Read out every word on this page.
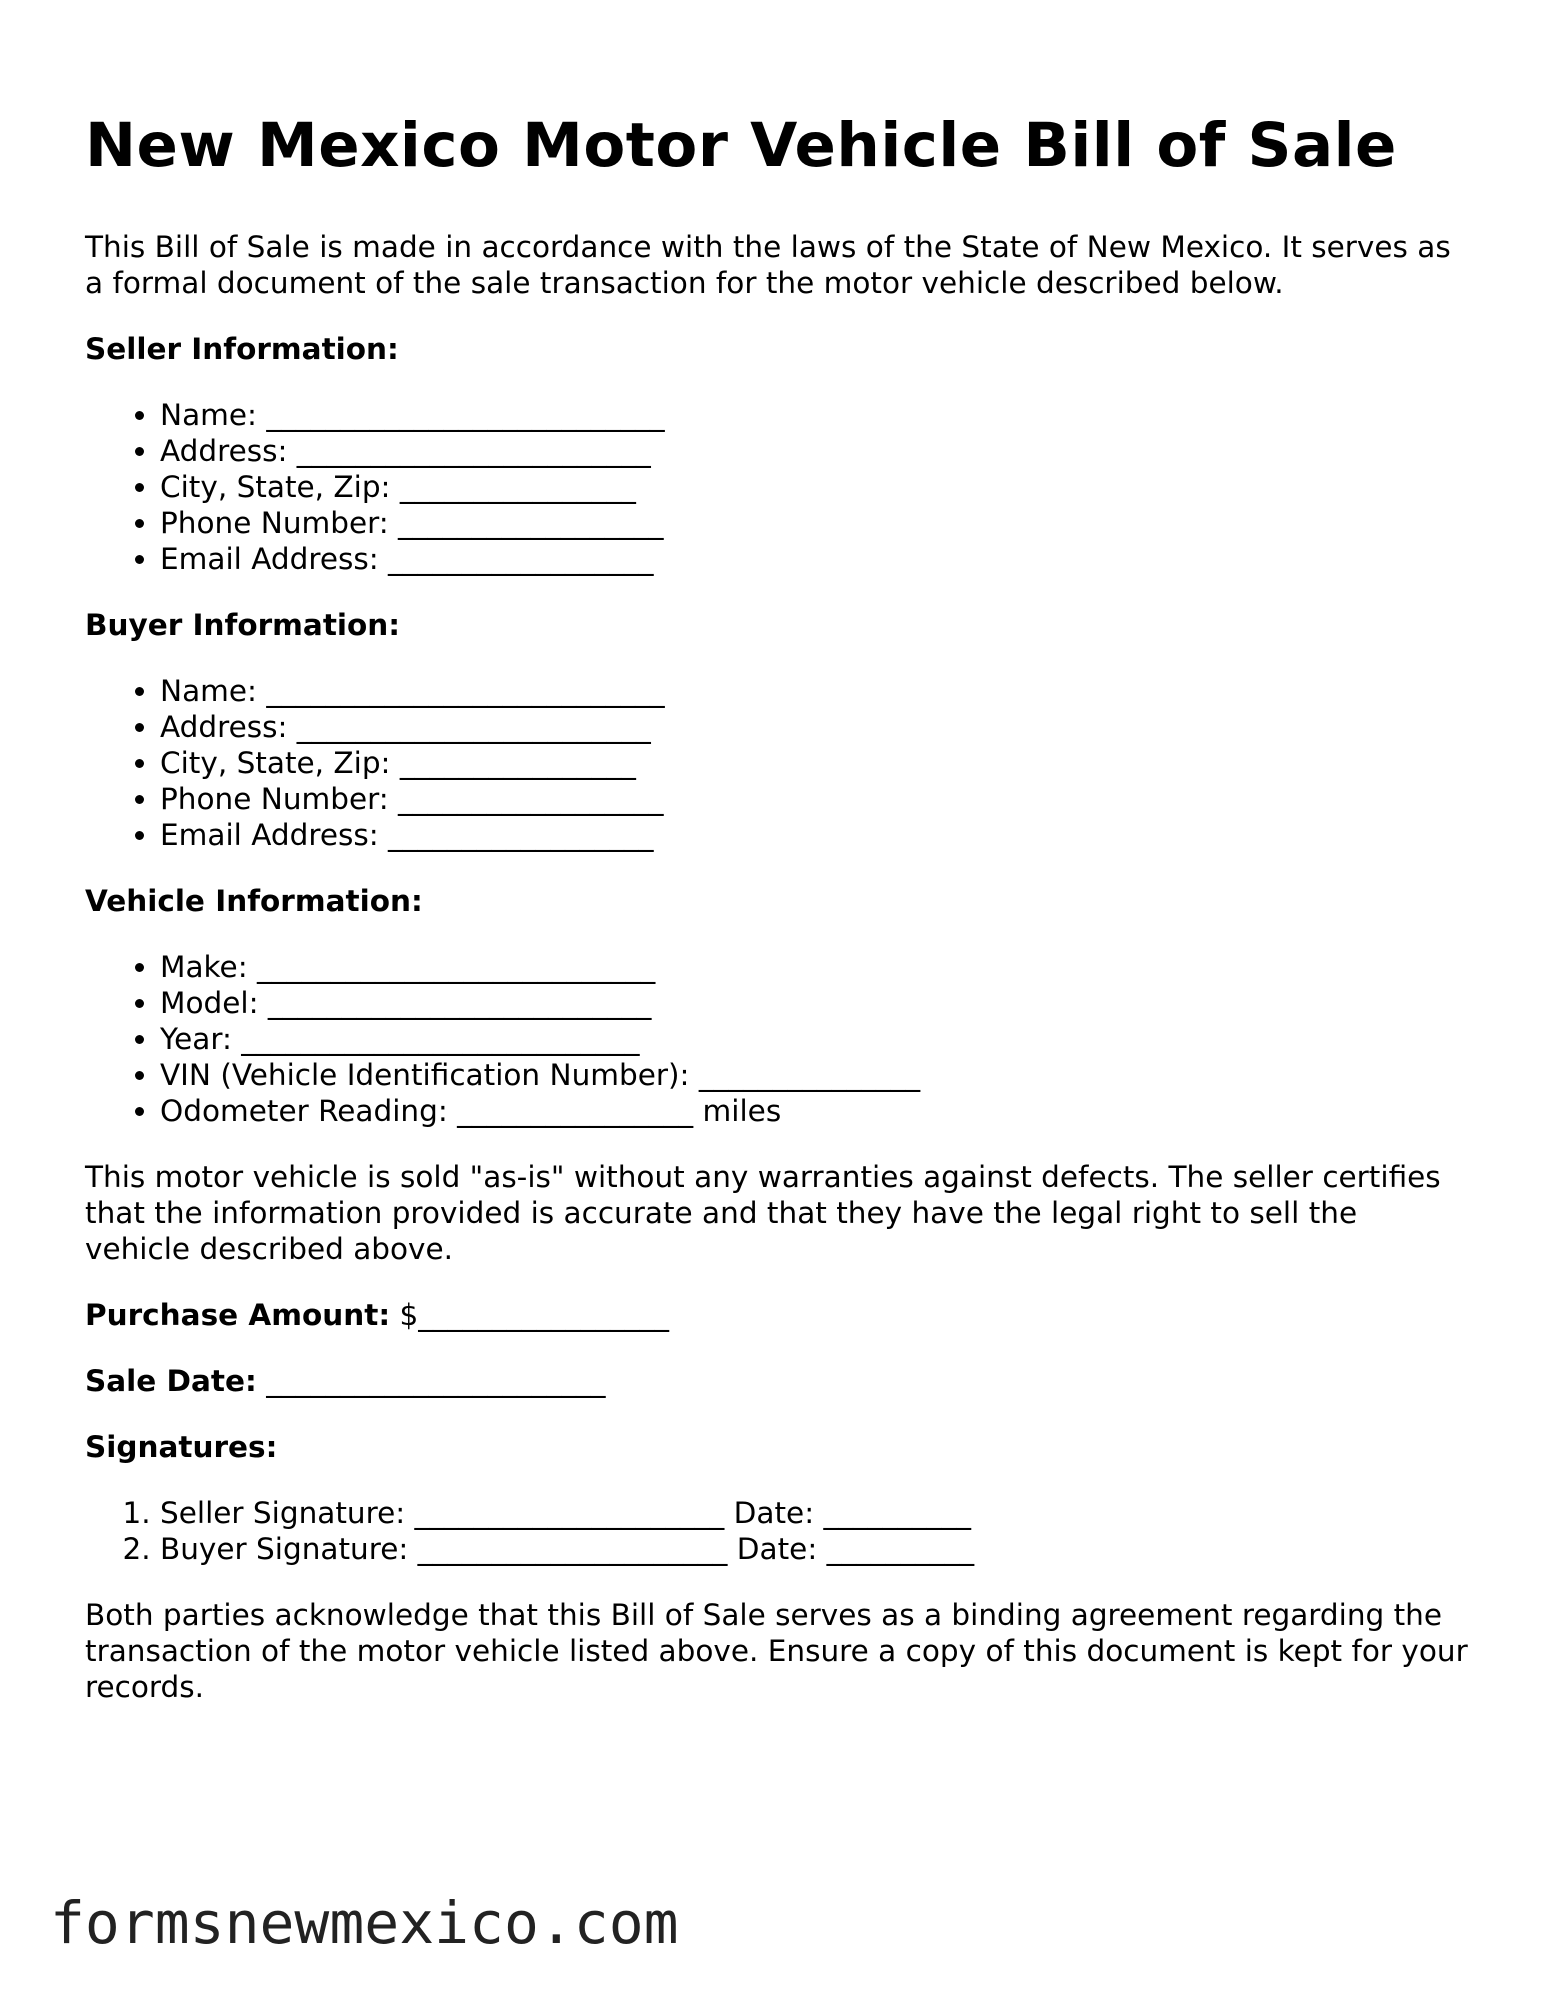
New Mexico Motor Vehicle Bill of Sale

This Bill of Sale is made in accordance with the laws of the State of New Mexico. It serves as a formal document of the sale transaction for the motor vehicle described below.

Seller Information:
• Name: ___________________________
• Address: ________________________
• City, State, Zip: ________________
• Phone Number: __________________
• Email Address: __________________
Buyer Information:
• Name: ___________________________
• Address: ________________________
• City, State, Zip: ________________
• Phone Number: __________________
• Email Address: __________________
Vehicle Information:
• Make: ___________________________
• Model: __________________________
• Year: ___________________________
• VIN (Vehicle Identification Number): _______________
• Odometer Reading: ________________ miles

This motor vehicle is sold "as-is" without any warranties against defects. The seller certifies that the information provided is accurate and that they have the legal right to sell the vehicle described above.

Purchase Amount: $_________________

Sale Date: _______________________

Signatures:
1. Seller Signature: _____________________ Date: __________
2. Buyer Signature: _____________________ Date: __________

Both parties acknowledge that this Bill of Sale serves as a binding agreement regarding the transaction of the motor vehicle listed above. Ensure a copy of this document is kept for your records.

formsnewmexico.com
